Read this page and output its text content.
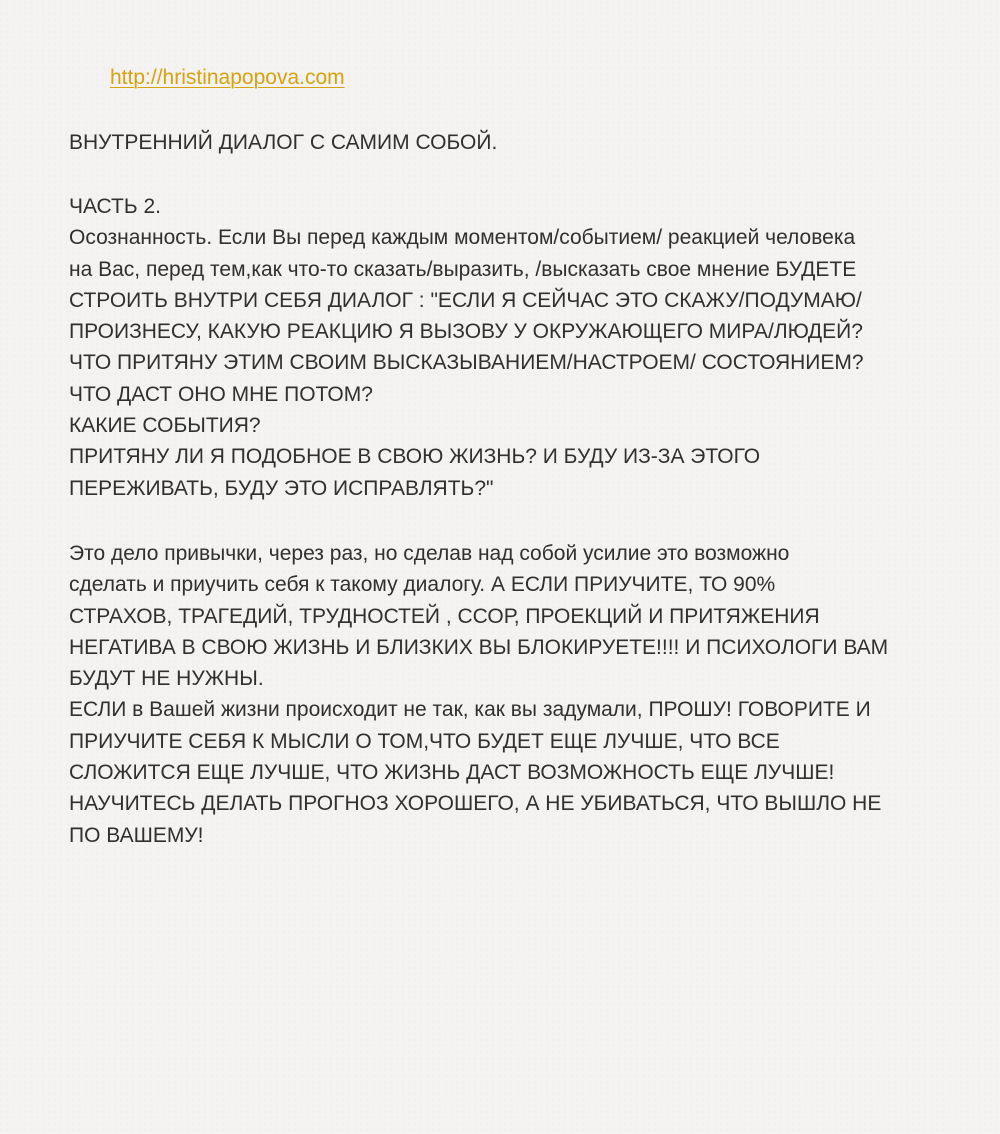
http://hristinapopova.com
ВНУТРЕННИЙ ДИАЛОГ С САМИМ СОБОЙ.
ЧАСТЬ 2.
Осознанность. Если Вы перед каждым моментом/событием/ реакцией человека
на Вас, перед тем,как что-то сказать/выразить, /высказать свое мнение БУДЕТЕ
СТРОИТЬ ВНУТРИ СЕБЯ ДИАЛОГ : "ЕСЛИ Я СЕЙЧАС ЭТО СКАЖУ/ПОДУМАЮ/
ПРОИЗНЕСУ, КАКУЮ РЕАКЦИЮ Я ВЫЗОВУ У ОКРУЖАЮЩЕГО МИРА/ЛЮДЕЙ?
ЧТО ПРИТЯНУ ЭТИМ СВОИМ ВЫСКАЗЫВАНИЕМ/НАСТРОЕМ/ СОСТОЯНИЕМ?
ЧТО ДАСТ ОНО МНЕ ПОТОМ?
КАКИЕ СОБЫТИЯ?
ПРИТЯНУ ЛИ Я ПОДОБНОЕ В СВОЮ ЖИЗНЬ? И БУДУ ИЗ-ЗА ЭТОГО
ПЕРЕЖИВАТЬ, БУДУ ЭТО ИСПРАВЛЯТЬ?"
Это дело привычки, через раз, но сделав над собой усилие это возможно
сделать и приучить себя к такому диалогу. А ЕСЛИ ПРИУЧИТЕ, ТО 90%
СТРАХОВ, ТРАГЕДИЙ, ТРУДНОСТЕЙ , ССОР, ПРОЕКЦИЙ И ПРИТЯЖЕНИЯ
НЕГАТИВА В СВОЮ ЖИЗНЬ И БЛИЗКИХ ВЫ БЛОКИРУЕТЕ!!!! И ПСИХОЛОГИ ВАМ
БУДУТ НЕ НУЖНЫ.
ЕСЛИ в Вашей жизни происходит не так, как вы задумали, ПРОШУ! ГОВОРИТЕ И
ПРИУЧИТЕ СЕБЯ К МЫСЛИ О ТОМ,ЧТО БУДЕТ ЕЩЕ ЛУЧШЕ, ЧТО ВСЕ
СЛОЖИТСЯ ЕЩЕ ЛУЧШЕ, ЧТО ЖИЗНЬ ДАСТ ВОЗМОЖНОСТЬ ЕЩЕ ЛУЧШЕ!
НАУЧИТЕСЬ ДЕЛАТЬ ПРОГНОЗ ХОРОШЕГО, А НЕ УБИВАТЬСЯ, ЧТО ВЫШЛО НЕ
ПО ВАШЕМУ!
